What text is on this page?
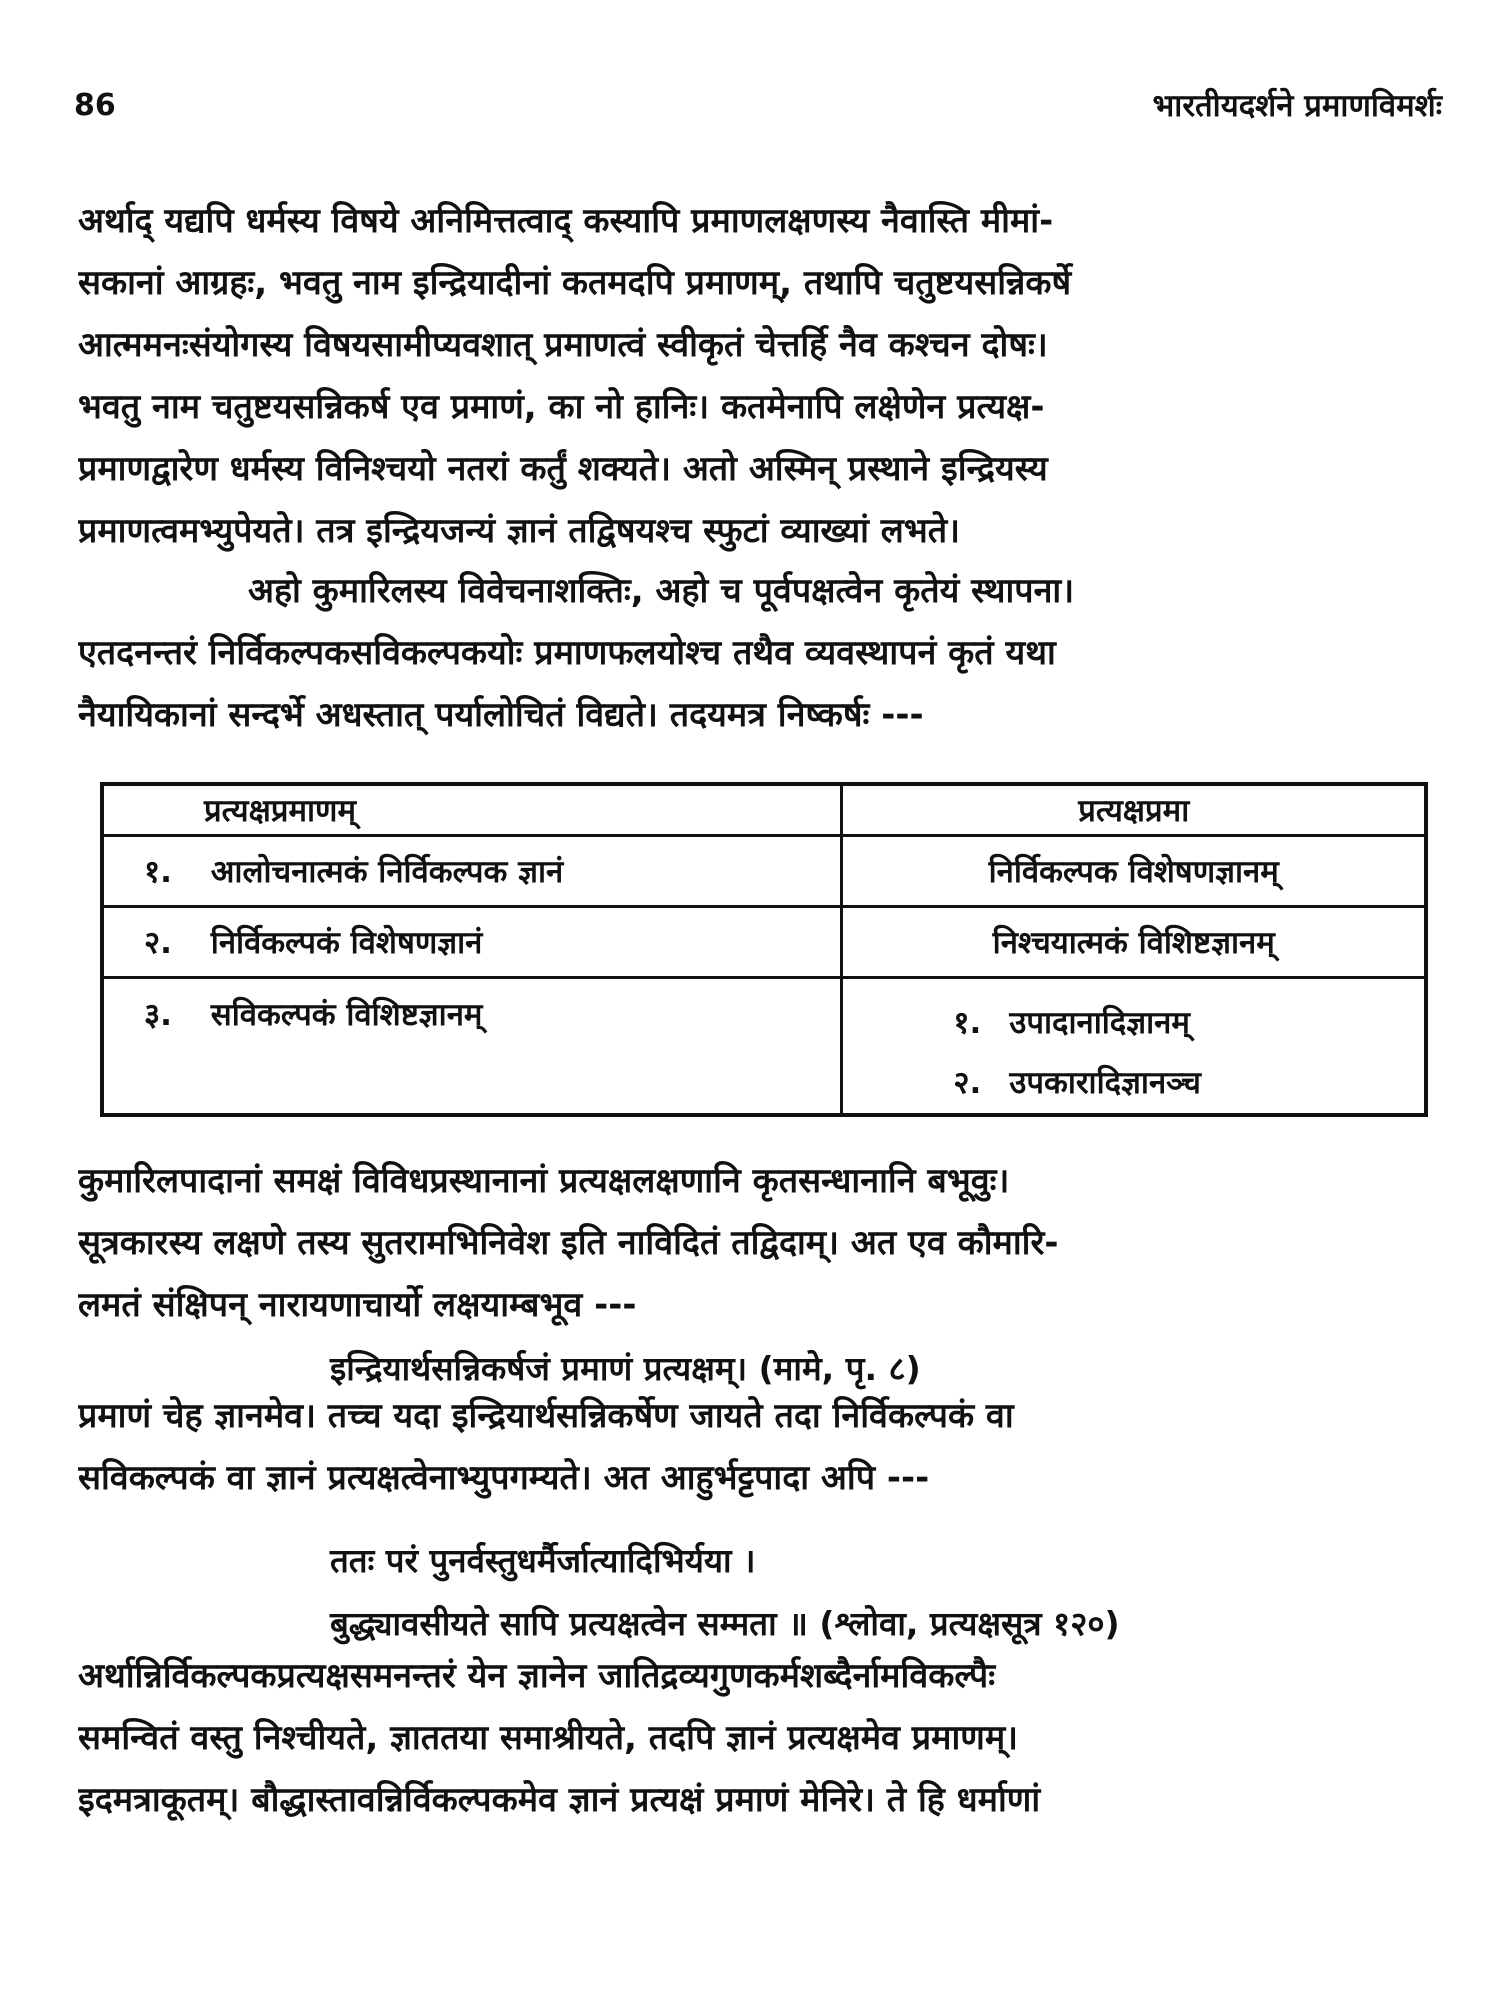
86	भारतीयदर्शने प्रमाणविमर्शः

अर्थाद् यद्यपि धर्मस्य विषये अनिमित्तत्वाद् कस्यापि प्रमाणलक्षणस्य नैवास्ति मीमां-
सकानां आग्रहः, भवतु नाम इन्द्रियादीनां कतमदपि प्रमाणम्, तथापि चतुष्टयसन्निकर्षे
आत्ममनःसंयोगस्य विषयसामीप्यवशात् प्रमाणत्वं स्वीकृतं चेत्तर्हि नैव कश्चन दोषः।
भवतु नाम चतुष्टयसन्निकर्ष एव प्रमाणं, का नो हानिः। कतमेनापि लक्षेणेन प्रत्यक्ष-
प्रमाणद्वारेण धर्मस्य विनिश्चयो नतरां कर्तुं शक्यते। अतो अस्मिन् प्रस्थाने इन्द्रियस्य
प्रमाणत्वमभ्युपेयते। तत्र इन्द्रियजन्यं ज्ञानं तद्विषयश्च स्फुटां व्याख्यां लभते।

अहो कुमारिलस्य विवेचनाशक्तिः, अहो च पूर्वपक्षत्वेन कृतेयं स्थापना।
एतदनन्तरं निर्विकल्पकसविकल्पकयोः प्रमाणफलयोश्च तथैव व्यवस्थापनं कृतं यथा
नैयायिकानां सन्दर्भे अधस्तात् पर्यालोचितं विद्यते। तदयमत्र निष्कर्षः ---

प्रत्यक्षप्रमाणम्	प्रत्यक्षप्रमा
१. आलोचनात्मकं निर्विकल्पक ज्ञानं	निर्विकल्पक विशेषणज्ञानम्
२. निर्विकल्पकं विशेषणज्ञानं	निश्चयात्मकं विशिष्टज्ञानम्
३. सविकल्पकं विशिष्टज्ञानम्	१. उपादानादिज्ञानम्
२. उपकारादिज्ञानञ्च

कुमारिलपादानां समक्षं विविधप्रस्थानानां प्रत्यक्षलक्षणानि कृतसन्धानानि बभूवुः।
सूत्रकारस्य लक्षणे तस्य सुतरामभिनिवेश इति नाविदितं तद्विदाम्। अत एव कौमारि-
लमतं संक्षिपन् नारायणाचार्यो लक्षयाम्बभूव ---

इन्द्रियार्थसन्निकर्षजं प्रमाणं प्रत्यक्षम्। (मामे, पृ. ८)

प्रमाणं चेह ज्ञानमेव। तच्च यदा इन्द्रियार्थसन्निकर्षेण जायते तदा निर्विकल्पकं वा
सविकल्पकं वा ज्ञानं प्रत्यक्षत्वेनाभ्युपगम्यते। अत आहुर्भट्टपादा अपि ---

ततः परं पुनर्वस्तुधर्मैर्जात्यादिभिर्यया ।
बुद्ध्यावसीयते सापि प्रत्यक्षत्वेन सम्मता ॥ (श्लोवा, प्रत्यक्षसूत्र १२०)

अर्थान्निर्विकल्पकप्रत्यक्षसमनन्तरं येन ज्ञानेन जातिद्रव्यगुणकर्मशब्दैर्नामविकल्पैः
समन्वितं वस्तु निश्चीयते, ज्ञाततया समाश्रीयते, तदपि ज्ञानं प्रत्यक्षमेव प्रमाणम्।
इदमत्राकूतम्। बौद्धास्तावन्निर्विकल्पकमेव ज्ञानं प्रत्यक्षं प्रमाणं मेनिरे। ते हि धर्माणां
